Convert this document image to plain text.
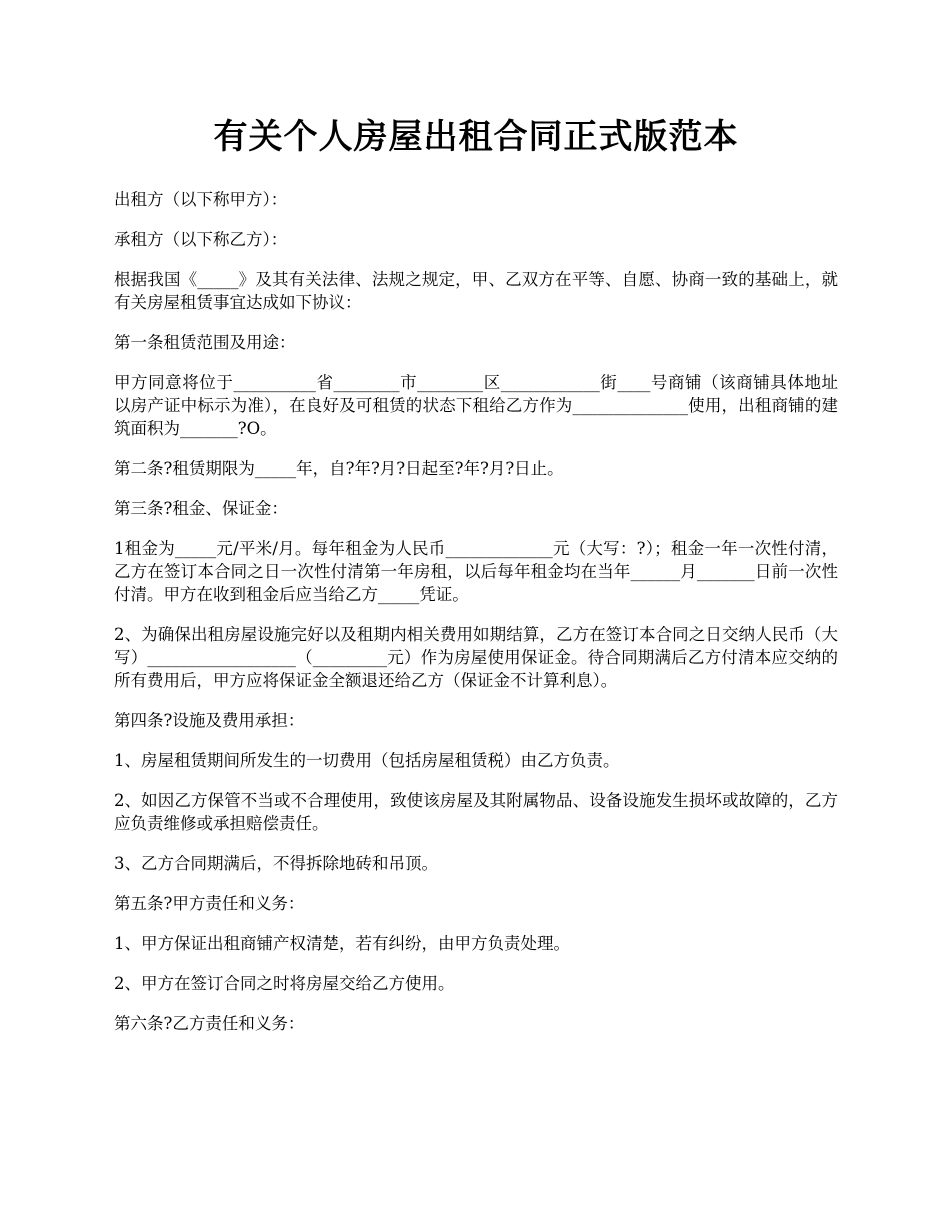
有关个人房屋出租合同正式版范本

出租方（以下称甲方）：

承租方（以下称乙方）：

根据我国《_____》及其有关法律、法规之规定，甲、乙双方在平等、自愿、协商一致的基础上，就有关房屋租赁事宜达成如下协议：

第一条租赁范围及用途：

甲方同意将位于__________省________市________区____________街____号商铺（该商铺具体地址以房产证中标示为准），在良好及可租赁的状态下租给乙方作为______________使用，出租商铺的建筑面积为_______?O。

第二条?租赁期限为_____年，自?年?月?日起至?年?月?日止。

第三条?租金、保证金：

1租金为_____元/平米/月。每年租金为人民币_____________元（大写：?）；租金一年一次性付清，乙方在签订本合同之日一次性付清第一年房租，以后每年租金均在当年______月_______日前一次性付清。甲方在收到租金后应当给乙方_____凭证。

2、为确保出租房屋设施完好以及租期内相关费用如期结算，乙方在签订本合同之日交纳人民币（大写）__________________（_________元）作为房屋使用保证金。待合同期满后乙方付清本应交纳的所有费用后，甲方应将保证金全额退还给乙方（保证金不计算利息）。

第四条?设施及费用承担：

1、房屋租赁期间所发生的一切费用（包括房屋租赁税）由乙方负责。

2、如因乙方保管不当或不合理使用，致使该房屋及其附属物品、设备设施发生损坏或故障的，乙方应负责维修或承担赔偿责任。

3、乙方合同期满后，不得拆除地砖和吊顶。

第五条?甲方责任和义务：

1、甲方保证出租商铺产权清楚，若有纠纷，由甲方负责处理。

2、甲方在签订合同之时将房屋交给乙方使用。

第六条?乙方责任和义务：
